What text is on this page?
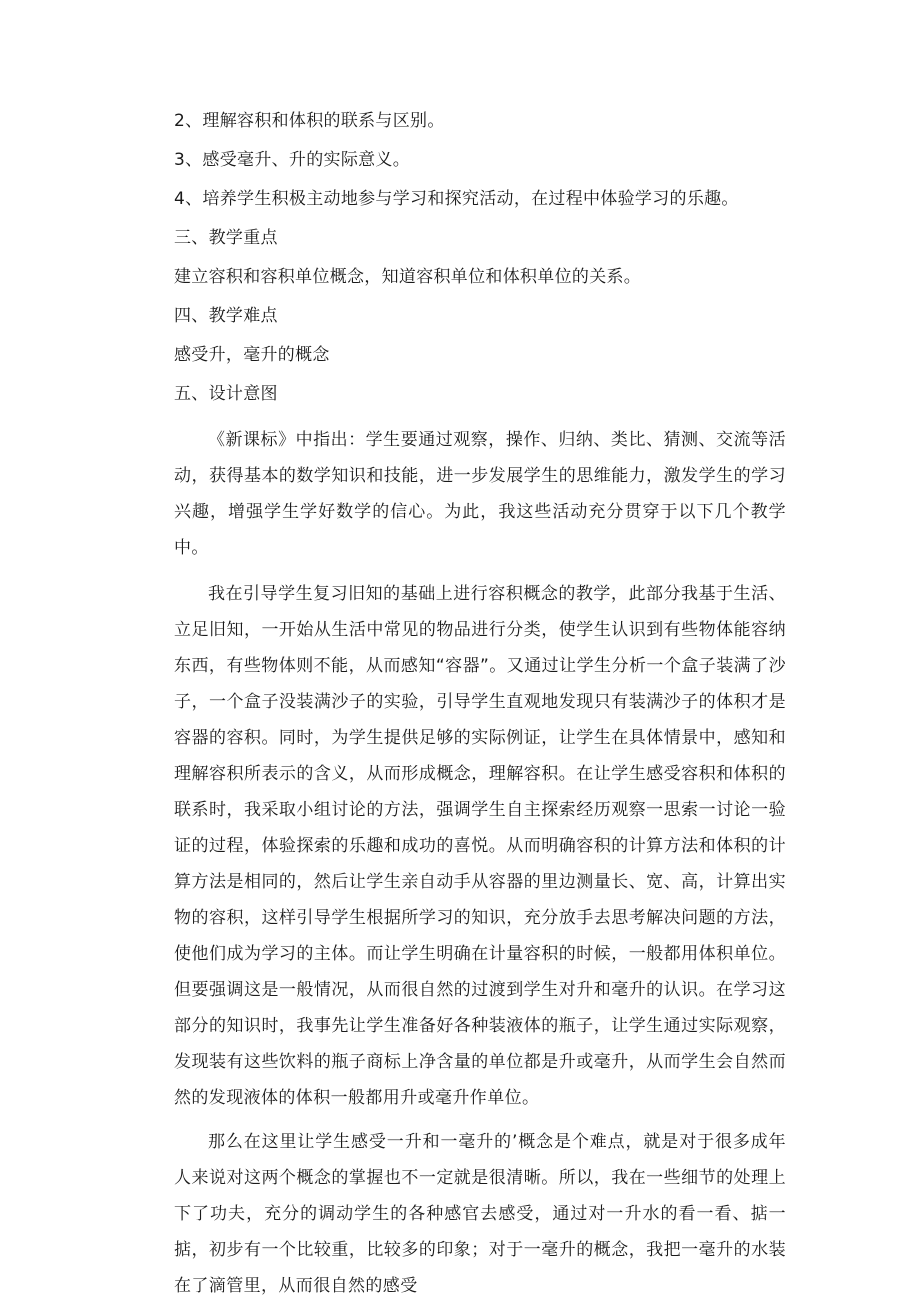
2、理解容积和体积的联系与区别。
3、感受毫升、升的实际意义。
4、培养学生积极主动地参与学习和探究活动，在过程中体验学习的乐趣。
三、教学重点
建立容积和容积单位概念，知道容积单位和体积单位的关系。
四、教学难点
感受升，毫升的概念
五、设计意图

《新课标》中指出：学生要通过观察，操作、归纳、类比、猜测、交流等活动，获得基本的数学知识和技能，进一步发展学生的思维能力，激发学生的学习兴趣，增强学生学好数学的信心。为此，我这些活动充分贯穿于以下几个教学中。

我在引导学生复习旧知的基础上进行容积概念的教学，此部分我基于生活、立足旧知，一开始从生活中常见的物品进行分类，使学生认识到有些物体能容纳东西，有些物体则不能，从而感知“容器”。又通过让学生分析一个盒子装满了沙子，一个盒子没装满沙子的实验，引导学生直观地发现只有装满沙子的体积才是容器的容积。同时，为学生提供足够的实际例证，让学生在具体情景中，感知和理解容积所表示的含义，从而形成概念，理解容积。在让学生感受容积和体积的联系时，我采取小组讨论的方法，强调学生自主探索经历观察一思索一讨论一验证的过程，体验探索的乐趣和成功的喜悦。从而明确容积的计算方法和体积的计算方法是相同的，然后让学生亲自动手从容器的里边测量长、宽、高，计算出实物的容积，这样引导学生根据所学习的知识，充分放手去思考解决问题的方法，使他们成为学习的主体。而让学生明确在计量容积的时候，一般都用体积单位。但要强调这是一般情况，从而很自然的过渡到学生对升和毫升的认识。在学习这部分的知识时，我事先让学生准备好各种装液体的瓶子，让学生通过实际观察，发现装有这些饮料的瓶子商标上净含量的单位都是升或毫升，从而学生会自然而然的发现液体的体积一般都用升或毫升作单位。

那么在这里让学生感受一升和一毫升的’概念是个难点，就是对于很多成年人来说对这两个概念的掌握也不一定就是很清晰。所以，我在一些细节的处理上下了功夫，充分的调动学生的各种感官去感受，通过对一升水的看一看、掂一掂，初步有一个比较重，比较多的印象；对于一毫升的概念，我把一毫升的水装在了滴管里，从而很自然的感受
